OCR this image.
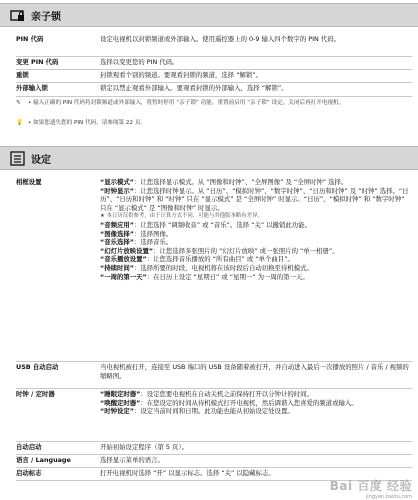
亲子锁
PIN 代码	设定电视机以封锁频道或外部输入。使用遥控器上的 0-9 输入四个数字的 PIN 代码。
变更 PIN 代码	选择以变更您的 PIN 代码。
重锁	封锁观看个别的频道。要观看封锁的频道，选择 “解锁”。
外部输入锁	锁定以禁止观看外部输入。要观看封锁的外部输入，选择 “解锁”。
✎ • 输入正确的 PIN 代码将封锁频道或外部输入，将暂时停用 “亲子锁” 功能。重置前启用 “亲子锁” 设定，关闭后再打开电视机。
💡 • 如果您遗失您的 PIN 代码，请参阅第 22 页。
设定
相框设置	“显示模式”：让您选择显示模式。从 “图像和时钟”、“全屏图像” 及 “全屏时钟” 选择。
“时钟显示”：让您选择时钟显示。从 “日历”、“模拟时钟”、“数字时钟”、“日历和时钟” 及 “时钟” 选择。“日历”、“日历和时钟” 和 “时钟” 只在 “显示模式” 是 “全屏时钟” 时显示。“日历”、“模拟时钟” 和 “数字时钟” 只在 “显示模式” 是 “图像和时钟” 时显示。
★ 本日历仅供参考，由于计算方式不同，可能与其他版本略有差异。
“音频应用”：让您选择 “调频收音” 或 “音乐”。选择 “关” 以撤销此功能。
“图像选择”：选择图像。
“音乐选择”：选择音乐。
“幻灯片放映设置”：让您选择多张照片的 “幻灯片放映” 或一张照片的 “单一相册”。
“音乐播放设置”：让您选择音乐播放的 “所有曲目” 或 “单个曲目”。
“持续时间”：选择所要的时段，电视机将在该时段后自动切换至待机模式。
“一周的第一天”：在日历上设定 “星期日” 或 “星期一” 为一周的第一天。
USB 自动启动	当电视机被打开，连接至 USB 端口的 USB 设备随着被打开，并自动进入最后一次播放的照片 / 音乐 / 视频的缩略图。
时钟 / 定时器	“睡眠定时器”：设定您要电视机在自动关机之前保持打开以分钟计的时间。
“唤醒定时器”：在您设定的时间从待机模式打开电视机，然后调谐入您喜爱的频道或输入。
“时钟设定”：设定当前时间和日期。此功能也能从初始设定处设置。
自动启动	开始初始设定程序（第 5 页）。
语言 / Language	选择显示菜单的语言。
启动标志	打开电视机时选择 “开” 以显示标志。选择 “关” 以隐藏标志。
Bai 百度 经验
jingyan.baidu.com
